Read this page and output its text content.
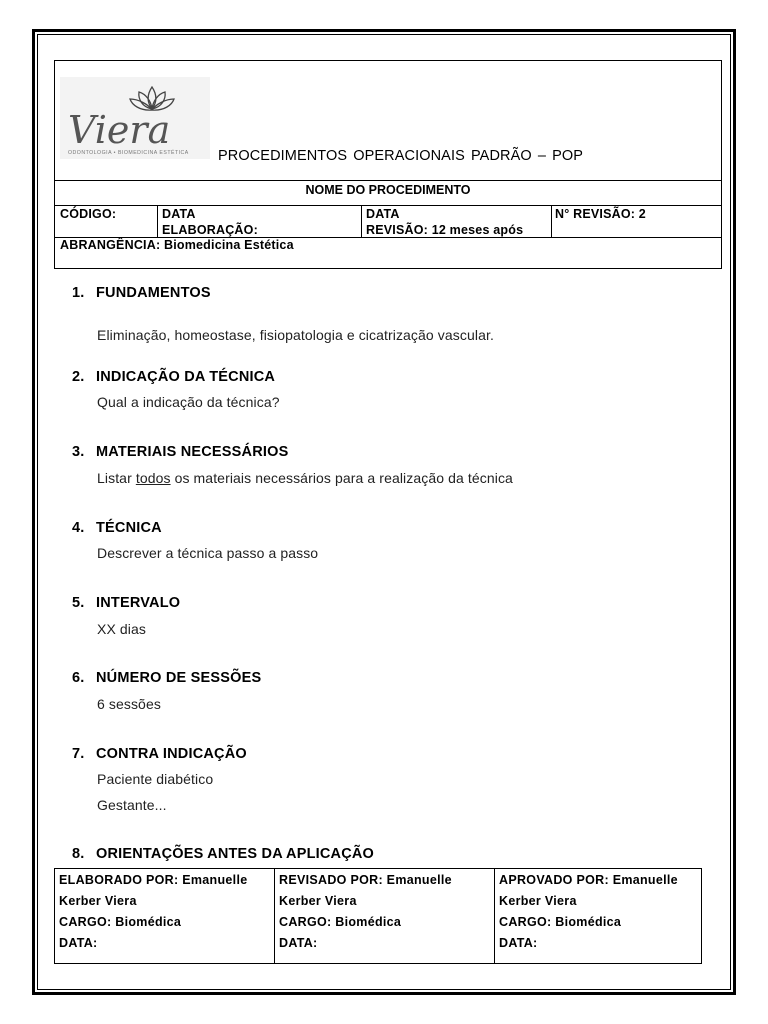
Viera
ODONTOLOGIA • BIOMEDICINA ESTÉTICA PROCEDIMENTOS OPERACIONAIS PADRÃO – POP
NOME DO PROCEDIMENTO
CÓDIGO:	DATA
ELABORAÇÃO:
DATA
REVISÃO: 12 meses após
N° REVISÃO: 2
ABRANGÊNCIA: Biomedicina Estética
1. FUNDAMENTOS
Eliminação, homeostase, fisiopatologia e cicatrização vascular.
2. INDICAÇÃO DA TÉCNICA
Qual a indicação da técnica?
3. MATERIAIS NECESSÁRIOS
Listar todos os materiais necessários para a realização da técnica
4. TÉCNICA
Descrever a técnica passo a passo
5. INTERVALO
XX dias
6. NÚMERO DE SESSÕES
6 sessões
7. CONTRA INDICAÇÃO
Paciente diabético
Gestante...
8. ORIENTAÇÕES ANTES DA APLICAÇÃO
ELABORADO POR: Emanuelle
Kerber Viera
CARGO: Biomédica
DATA:
REVISADO POR: Emanuelle
Kerber Viera
CARGO: Biomédica
DATA:
APROVADO POR: Emanuelle
Kerber Viera
CARGO: Biomédica
DATA:
